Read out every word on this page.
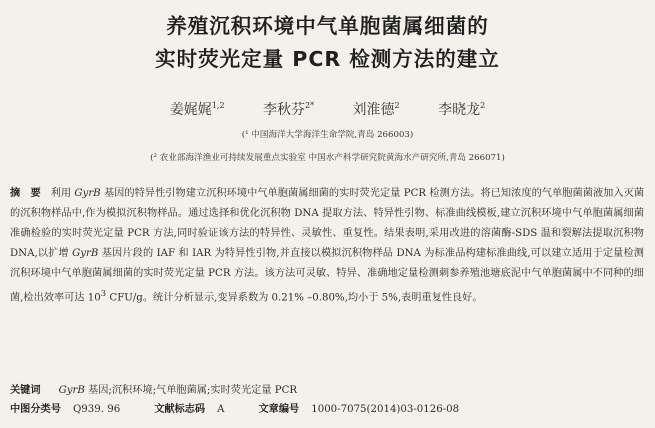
养殖沉积环境中气单胞菌属细菌的
实时荧光定量 PCR 检测方法的建立
姜娓娓$^{1,2}$	李秋芬$^{2*}$	刘淮德$^2$	李晓龙$^2$
(¹ 中国海洋大学海洋生命学院,青岛 266003)
(² 农业部海洋渔业可持续发展重点实验室 中国水产科学研究院黄海水产研究所,青岛 266071)
摘　要 利用 GyrB 基因的特异性引物建立沉积环境中气单胞菌属细菌的实时荧光定量 PCR 检测方法。将已知浓度的气单胞菌菌液加入灭菌的沉积物样品中,作为模拟沉积物样品。通过选择和优化沉积物 DNA 提取方法、特异性引物、标准曲线模板,建立沉积环境中气单胞菌属细菌准确检验的实时荧光定量 PCR 方法,同时验证该方法的特异性、灵敏性、重复性。结果表明,采用改进的溶菌酶-SDS 温和裂解法提取沉积物 DNA,以扩增 GyrB 基因片段的 IAF 和 IAR 为特异性引物,并直接以模拟沉积物样品 DNA 为标准品构建标准曲线,可以建立适用于定量检测沉积环境中气单胞菌属细菌的实时荧光定量 PCR 方法。该方法可灵敏、特异、准确地定量检测刺参养殖池塘底泥中气单胞菌属中不同种的细菌,检出效率可达 $10^3$ CFU/g。统计分析显示,变异系数为 0.21% –0.80%,均小于 5%,表明重复性良好。
关键词 GyrB 基因;沉积环境;气单胞菌属;实时荧光定量 PCR
中图分类号 Q939. 96	文献标志码 A	文章编号 1000-7075(2014)03-0126-08
